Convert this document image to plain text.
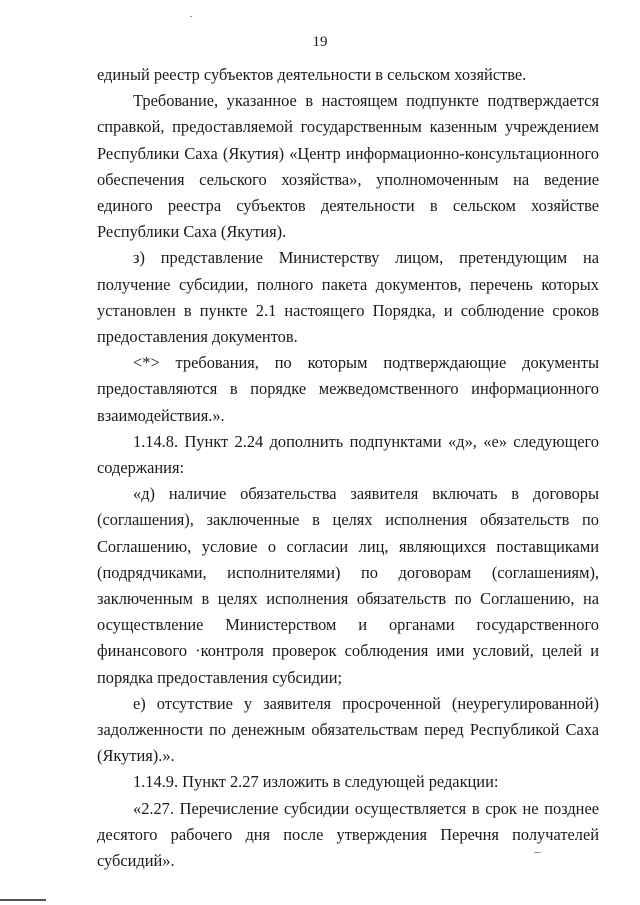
19

единый реестр субъектов деятельности в сельском хозяйстве.

Требование, указанное в настоящем подпункте подтверждается справкой, предоставляемой государственным казенным учреждением Республики Саха (Якутия) «Центр информационно-консультационного обеспечения сельского хозяйства», уполномоченным на ведение единого реестра субъектов деятельности в сельском хозяйстве Республики Саха (Якутия).

з) представление Министерству лицом, претендующим на получение субсидии, полного пакета документов, перечень которых установлен в пункте 2.1 настоящего Порядка, и соблюдение сроков предоставления документов.

<*> требования, по которым подтверждающие документы предоставляются в порядке межведомственного информационного взаимодействия.».

1.14.8. Пункт 2.24 дополнить подпунктами «д», «е» следующего содержания:

«д) наличие обязательства заявителя включать в договоры (соглашения), заключенные в целях исполнения обязательств по Соглашению, условие о согласии лиц, являющихся поставщиками (подрядчиками, исполнителями) по договорам (соглашениям), заключенным в целях исполнения обязательств по Соглашению, на осуществление Министерством и органами государственного финансового ·контроля проверок соблюдения ими условий, целей и порядка предоставления субсидии;

е) отсутствие у заявителя просроченной (неурегулированной) задолженности по денежным обязательствам перед Республикой Саха (Якутия).».

1.14.9. Пункт 2.27 изложить в следующей редакции:

«2.27. Перечисление субсидии осуществляется в срок не позднее десятого рабочего дня после утверждения Перечня получателей субсидий».
